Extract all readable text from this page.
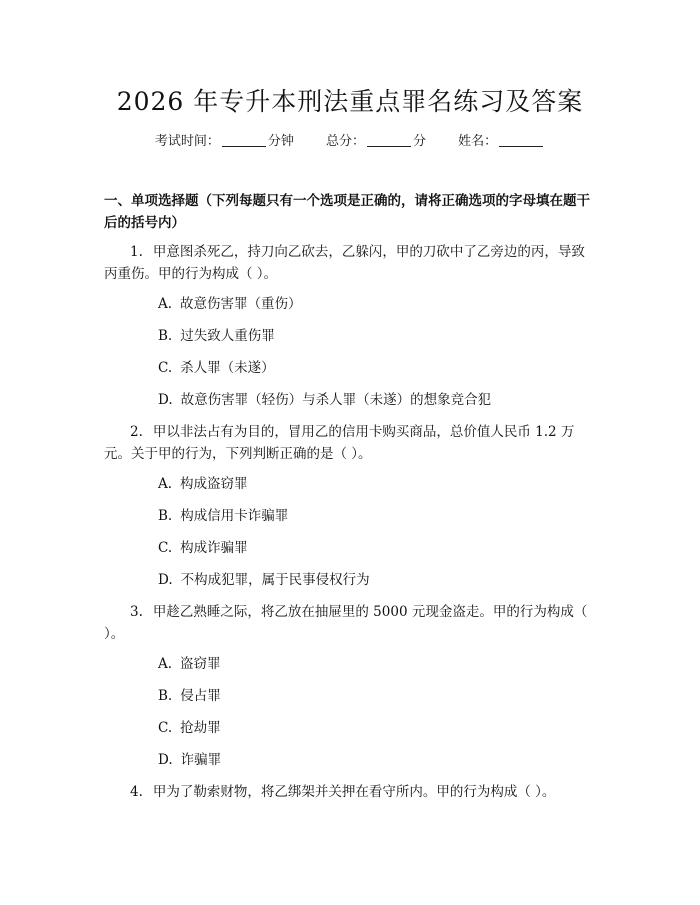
2026 年专升本刑法重点罪名练习及答案
考试时间：	分钟 总分：	分 姓名：
一、单项选择题（下列每题只有一个选项是正确的，请将正确选项的字母填在题干后的括号内）
1. 甲意图杀死乙，持刀向乙砍去，乙躲闪，甲的刀砍中了乙旁边的丙，导致丙重伤。甲的行为构成（ ）。
A. 故意伤害罪（重伤）
B. 过失致人重伤罪
C. 杀人罪（未遂）
D. 故意伤害罪（轻伤）与杀人罪（未遂）的想象竞合犯
2. 甲以非法占有为目的，冒用乙的信用卡购买商品，总价值人民币 1.2 万元。关于甲的行为，下列判断正确的是（ ）。
A. 构成盗窃罪
B. 构成信用卡诈骗罪
C. 构成诈骗罪
D. 不构成犯罪，属于民事侵权行为
3. 甲趁乙熟睡之际，将乙放在抽屉里的 5000 元现金盗走。甲的行为构成（ ）。
A. 盗窃罪
B. 侵占罪
C. 抢劫罪
D. 诈骗罪
4. 甲为了勒索财物，将乙绑架并关押在看守所内。甲的行为构成（ ）。
